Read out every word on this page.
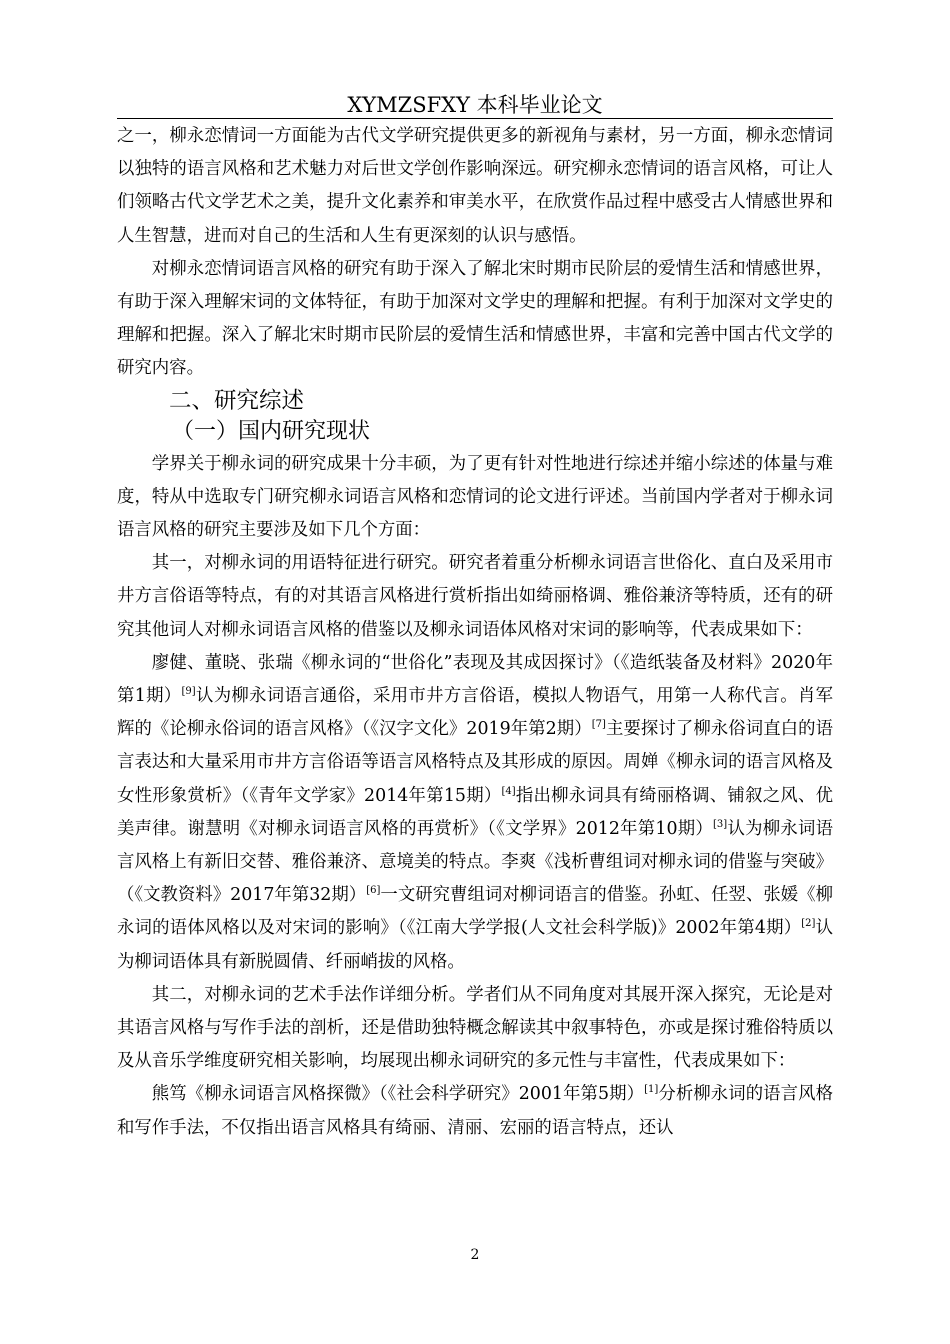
XYMZSFXY 本科毕业论文

之一，柳永恋情词一方面能为古代文学研究提供更多的新视角与素材，另一方面，柳永恋情词以独特的语言风格和艺术魅力对后世文学创作影响深远。研究柳永恋情词的语言风格，可让人们领略古代文学艺术之美，提升文化素养和审美水平，在欣赏作品过程中感受古人情感世界和人生智慧，进而对自己的生活和人生有更深刻的认识与感悟。

对柳永恋情词语言风格的研究有助于深入了解北宋时期市民阶层的爱情生活和情感世界，有助于深入理解宋词的文体特征，有助于加深对文学史的理解和把握。有利于加深对文学史的理解和把握。深入了解北宋时期市民阶层的爱情生活和情感世界，丰富和完善中国古代文学的研究内容。

二、研究综述
（一）国内研究现状

学界关于柳永词的研究成果十分丰硕，为了更有针对性地进行综述并缩小综述的体量与难度，特从中选取专门研究柳永词语言风格和恋情词的论文进行评述。当前国内学者对于柳永词语言风格的研究主要涉及如下几个方面：

其一，对柳永词的用语特征进行研究。研究者着重分析柳永词语言世俗化、直白及采用市井方言俗语等特点，有的对其语言风格进行赏析指出如绮丽格调、雅俗兼济等特质，还有的研究其他词人对柳永词语言风格的借鉴以及柳永词语体风格对宋词的影响等，代表成果如下：

廖健、董晓、张瑞《柳永词的“世俗化”表现及其成因探讨》（《造纸装备及材料》2020年第1期）[9]认为柳永词语言通俗，采用市井方言俗语，模拟人物语气，用第一人称代言。肖军辉的《论柳永俗词的语言风格》（《汉字文化》2019年第2期）[7]主要探讨了柳永俗词直白的语言表达和大量采用市井方言俗语等语言风格特点及其形成的原因。周婵《柳永词的语言风格及女性形象赏析》（《青年文学家》2014年第15期）[4]指出柳永词具有绮丽格调、铺叙之风、优美声律。谢慧明《对柳永词语言风格的再赏析》（《文学界》2012年第10期）[3]认为柳永词语言风格上有新旧交替、雅俗兼济、意境美的特点。李爽《浅析曹组词对柳永词的借鉴与突破》（《文教资料》2017年第32期）[6]一文研究曹组词对柳词语言的借鉴。孙虹、任翌、张媛《柳永词的语体风格以及对宋词的影响》（《江南大学学报(人文社会科学版)》2002年第4期）[2]认为柳词语体具有新脱圆倩、纤丽峭拔的风格。

其二，对柳永词的艺术手法作详细分析。学者们从不同角度对其展开深入探究，无论是对其语言风格与写作手法的剖析，还是借助独特概念解读其中叙事特色，亦或是探讨雅俗特质以及从音乐学维度研究相关影响，均展现出柳永词研究的多元性与丰富性，代表成果如下：

熊笃《柳永词语言风格探微》（《社会科学研究》2001年第5期）[1]分析柳永词的语言风格和写作手法，不仅指出语言风格具有绮丽、清丽、宏丽的语言特点，还认

2
